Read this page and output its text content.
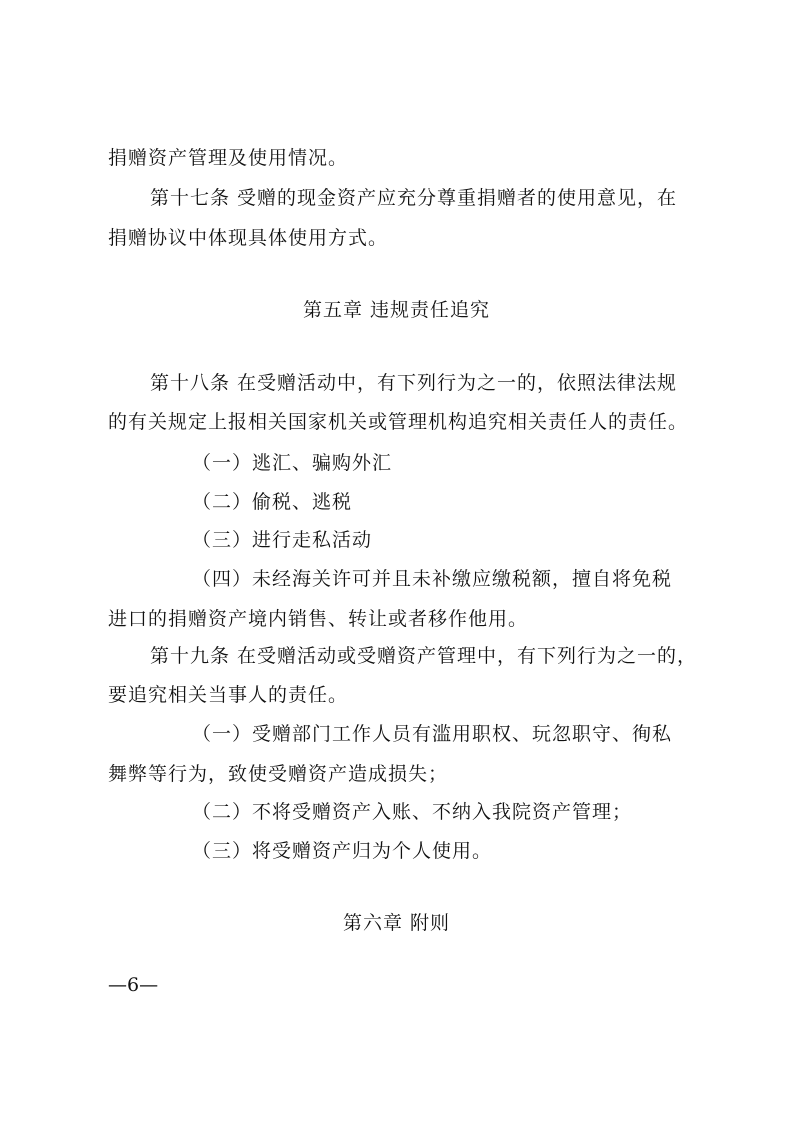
捐赠资产管理及使用情况。
第十七条 受赠的现金资产应充分尊重捐赠者的使用意见，在
捐赠协议中体现具体使用方式。
第五章 违规责任追究
第十八条 在受赠活动中，有下列行为之一的，依照法律法规
的有关规定上报相关国家机关或管理机构追究相关责任人的责任。
（一）逃汇、骗购外汇
（二）偷税、逃税
（三）进行走私活动
（四）未经海关许可并且未补缴应缴税额，擅自将免税
进口的捐赠资产境内销售、转让或者移作他用。
第十九条 在受赠活动或受赠资产管理中，有下列行为之一的，
要追究相关当事人的责任。
（一）受赠部门工作人员有滥用职权、玩忽职守、徇私
舞弊等行为，致使受赠资产造成损失；
（二）不将受赠资产入账、不纳入我院资产管理；
（三）将受赠资产归为个人使用。
第六章 附则
—6—
